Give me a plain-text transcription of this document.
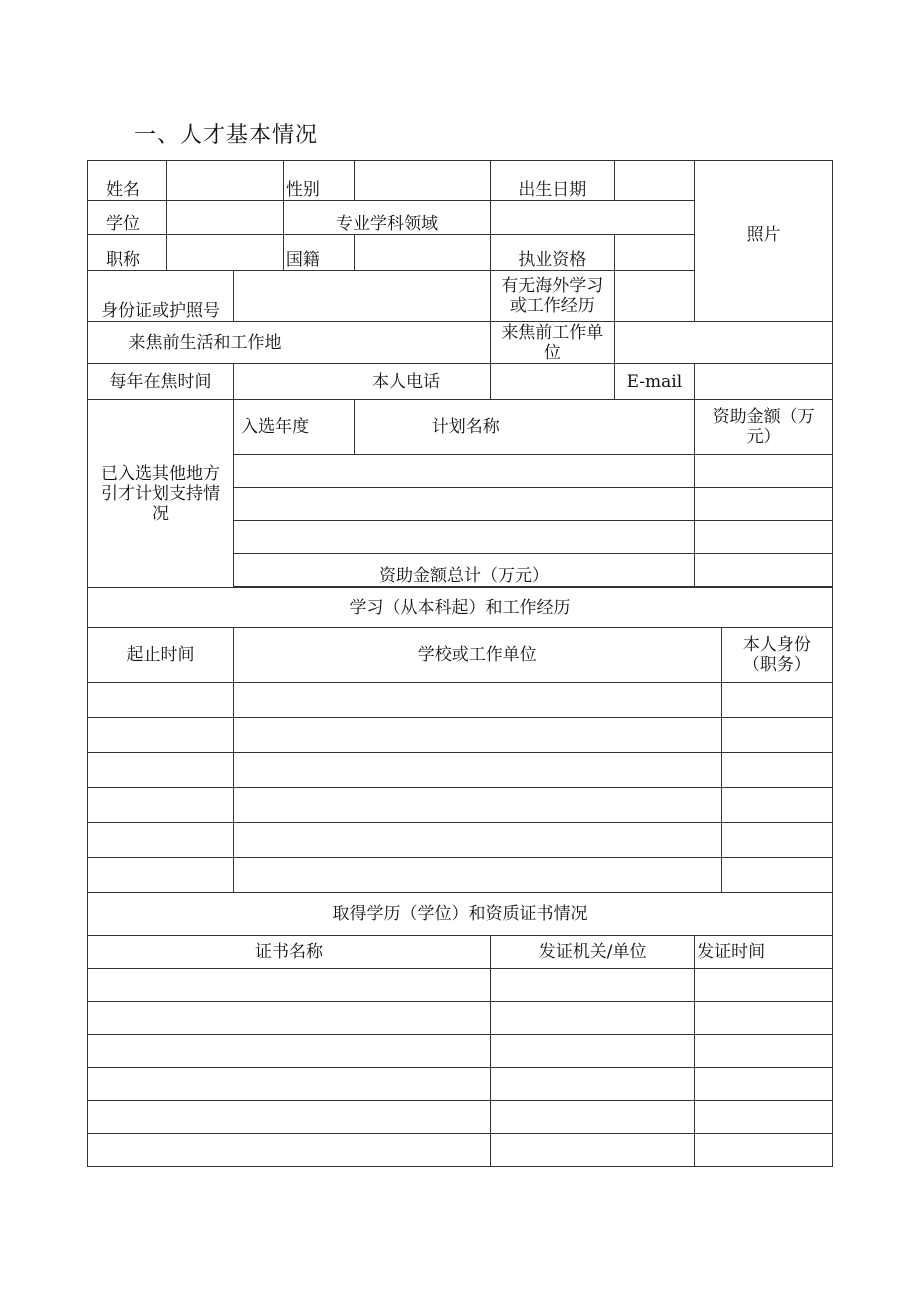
一、人才基本情况
姓名			性别		出生日期		照片	
学位			专业学科领域					
职称			国籍		执业资格			
身份证或护照号					有无海外学习或工作经历			
来焦前生活和工作地					来焦前工作单位			
每年在焦时间		本人电话				E-mail		
已入选其他地方引才计划支持情况		入选年度		计划名称			资助金额（万元）	

		资助金额总计（万元）						

学习（从本科起）和工作经历								
起止时间		学校或工作单位						本人身份（职务）

取得学历（学位）和资质证书情况								
证书名称					发证机关/单位		发证时间	
